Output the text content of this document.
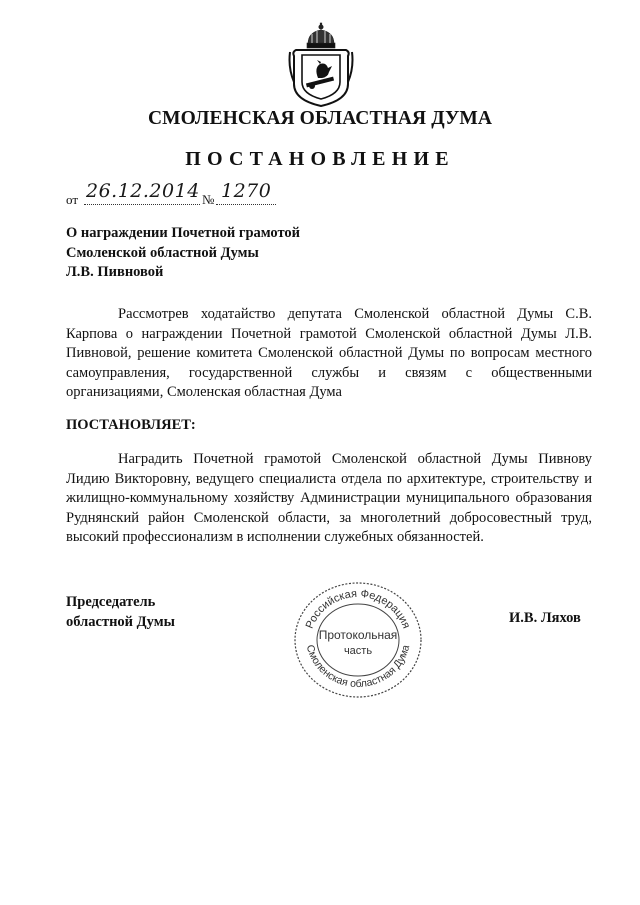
СМОЛЕНСКАЯ ОБЛАСТНАЯ ДУМА
ПОСТАНОВЛЕНИЕ
от 26.12.2014 № 1270
О награждении Почетной грамотой
Смоленской областной Думы
Л.В. Пивновой
Рассмотрев ходатайство депутата Смоленской областной Думы С.В. Карпова о награждении Почетной грамотой Смоленской областной Думы Л.В. Пивновой, решение комитета Смоленской областной Думы по вопросам местного самоуправления, государственной службы и связям с общественными организациями, Смоленская областная Дума
ПОСТАНОВЛЯЕТ:
Наградить Почетной грамотой Смоленской областной Думы Пивнову Лидию Викторовну, ведущего специалиста отдела по архитектуре, строительству и жилищно-коммунальному хозяйству Администрации муниципального образования Руднянский район Смоленской области, за многолетний добросовестный труд, высокий профессионализм в исполнении служебных обязанностей.
Председатель
областной Думы	Российская Федерация
Смоленская областная Дума
Протокольная
часть
И.В. Ляхов
